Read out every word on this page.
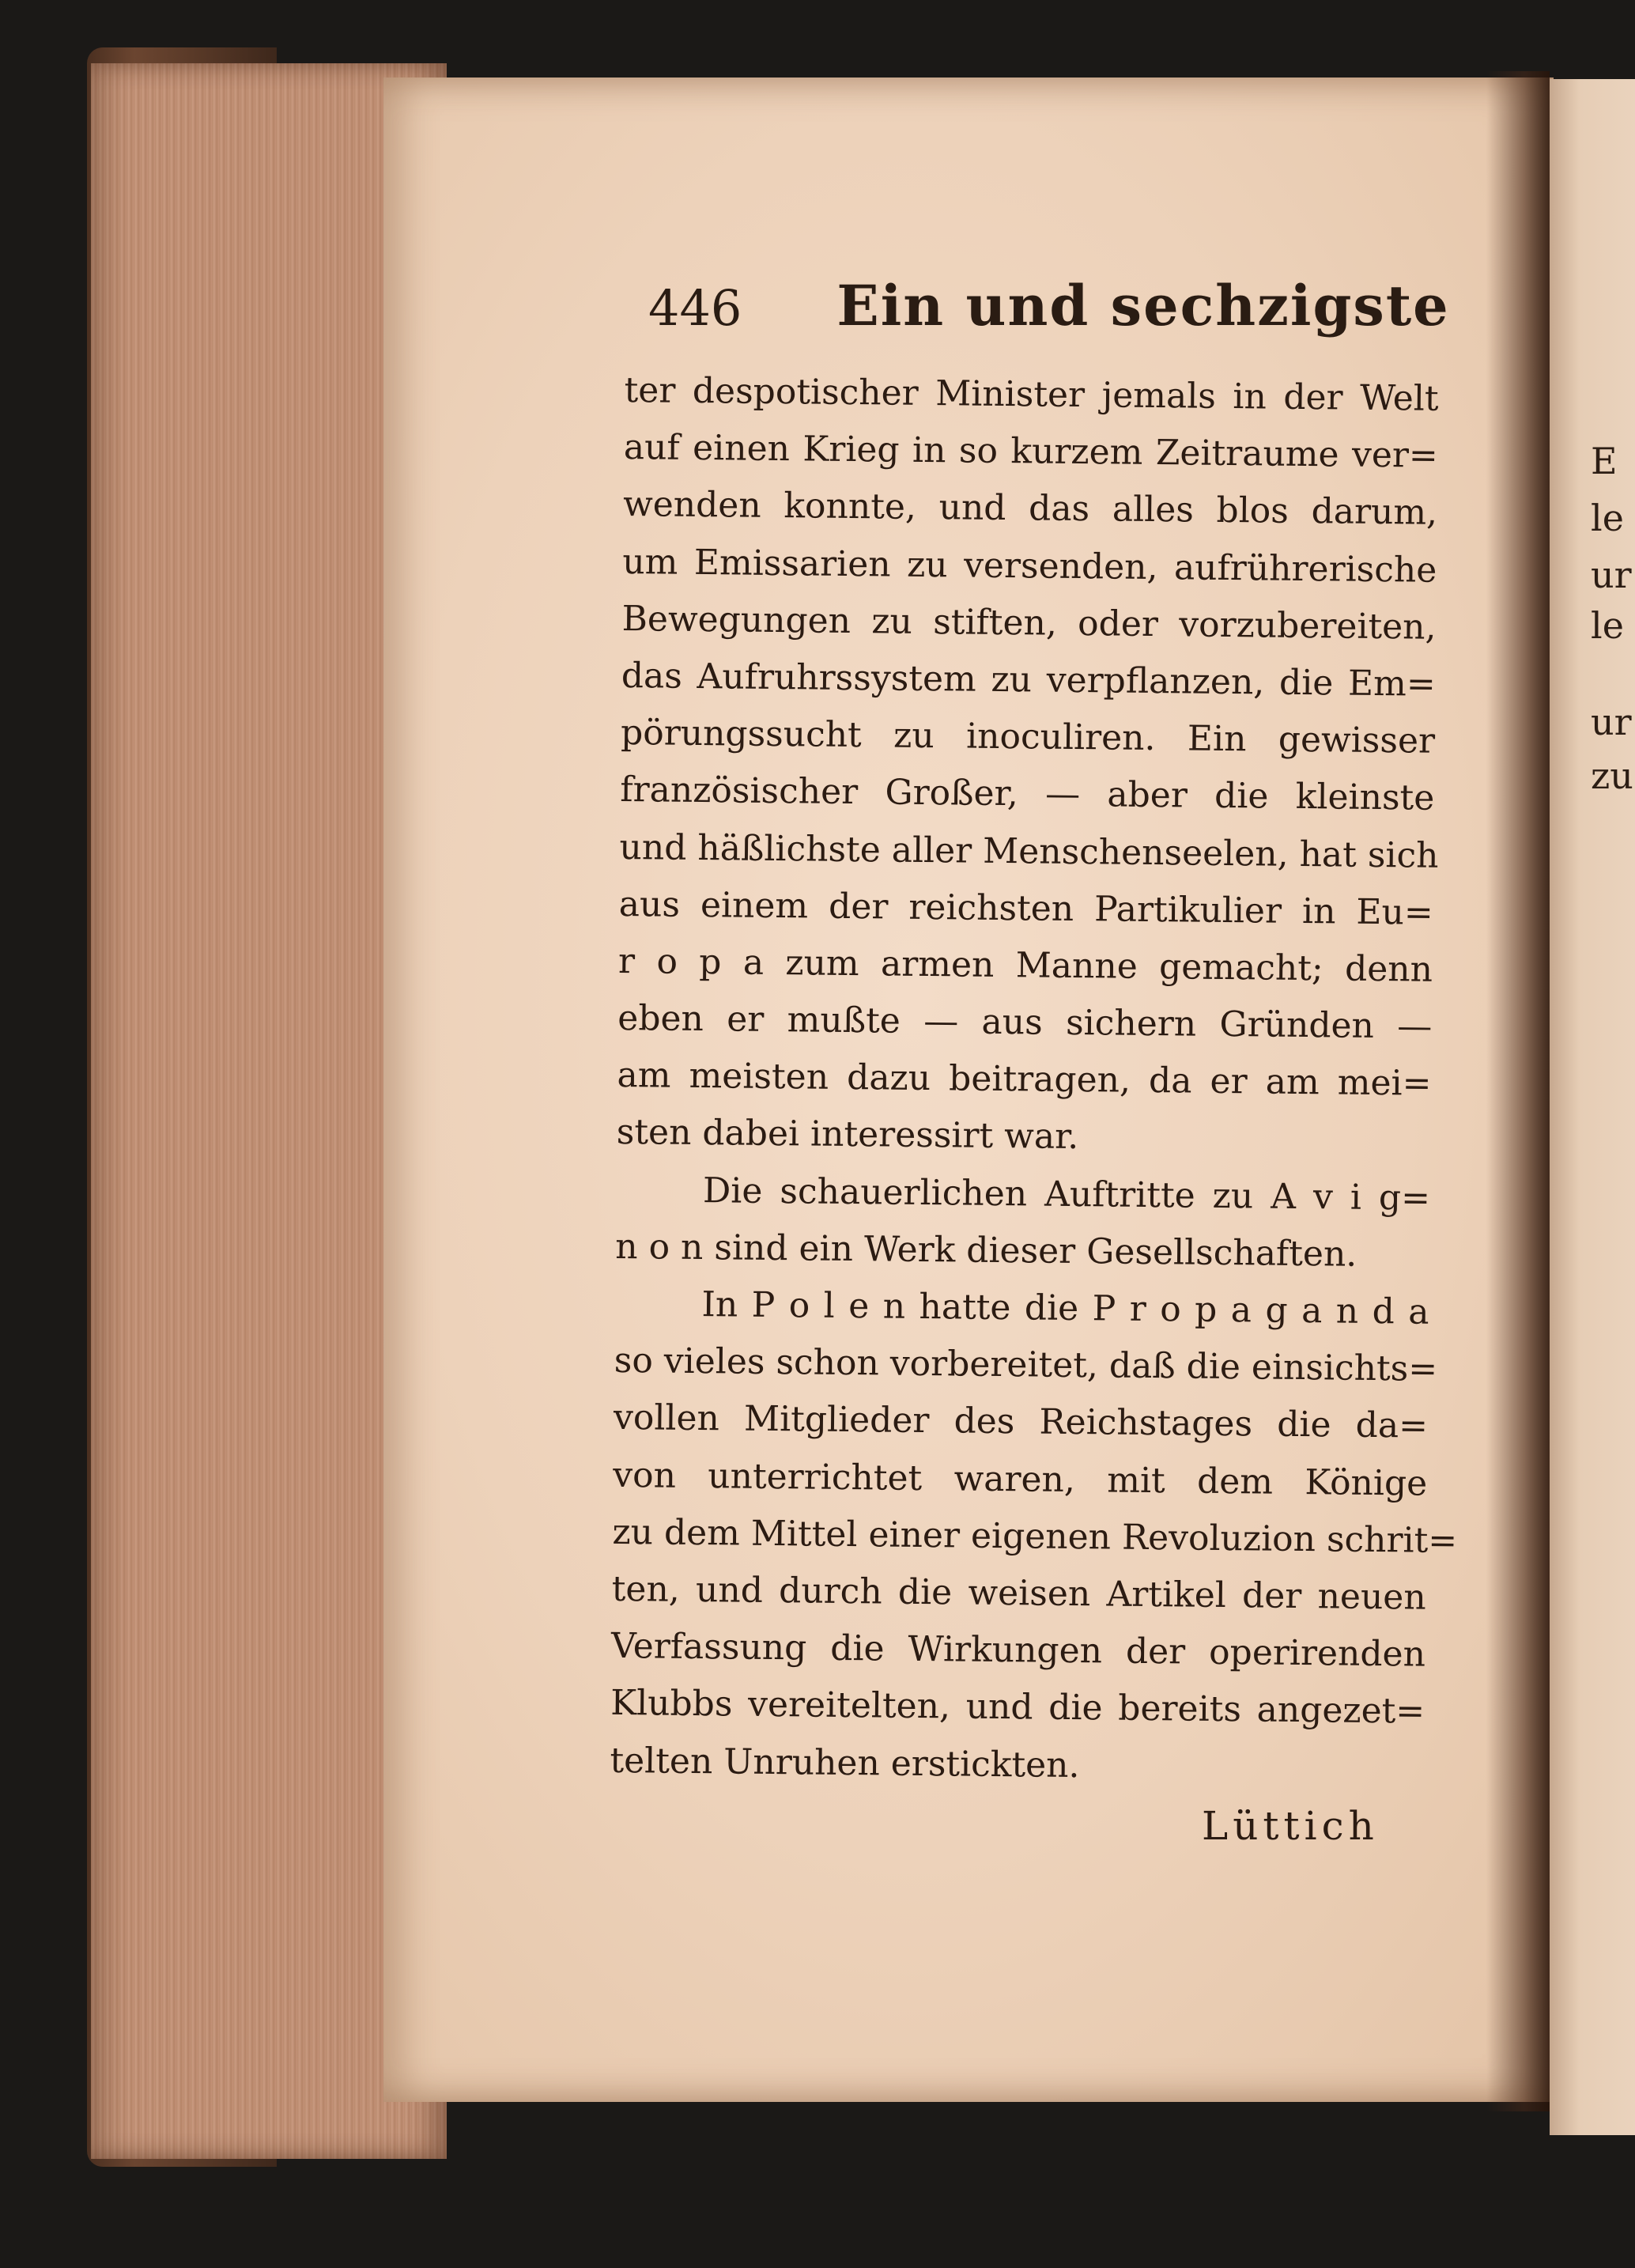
E
le
ur
le
ur
zu
446 Ein und sechzigste
ter despotischer Minister jemals in der Welt
auf einen Krieg in so kurzem Zeitraume ver=
wenden konnte, und das alles blos darum,
um Emissarien zu versenden, aufrührerische
Bewegungen zu stiften, oder vorzubereiten,
das Aufruhrssystem zu verpflanzen, die Em=
pörungssucht zu inoculiren. Ein gewisser
französischer Großer, — aber die kleinste
und häßlichste aller Menschenseelen, hat sich
aus einem der reichsten Partikulier in Eu=
r o p a zum armen Manne gemacht; denn
eben er mußte — aus sichern Gründen —
am meisten dazu beitragen, da er am mei=
sten dabei interessirt war.
Die schauerlichen Auftritte zu A v i g=
n o n sind ein Werk dieser Gesellschaften.
In P o l e n hatte die P r o p a g a n d a
so vieles schon vorbereitet, daß die einsichts=
vollen Mitglieder des Reichstages die da=
von unterrichtet waren, mit dem Könige
zu dem Mittel einer eigenen Revoluzion schrit=
ten, und durch die weisen Artikel der neuen
Verfassung die Wirkungen der operirenden
Klubbs vereitelten, und die bereits angezet=
telten Unruhen erstickten.
Lüttich
